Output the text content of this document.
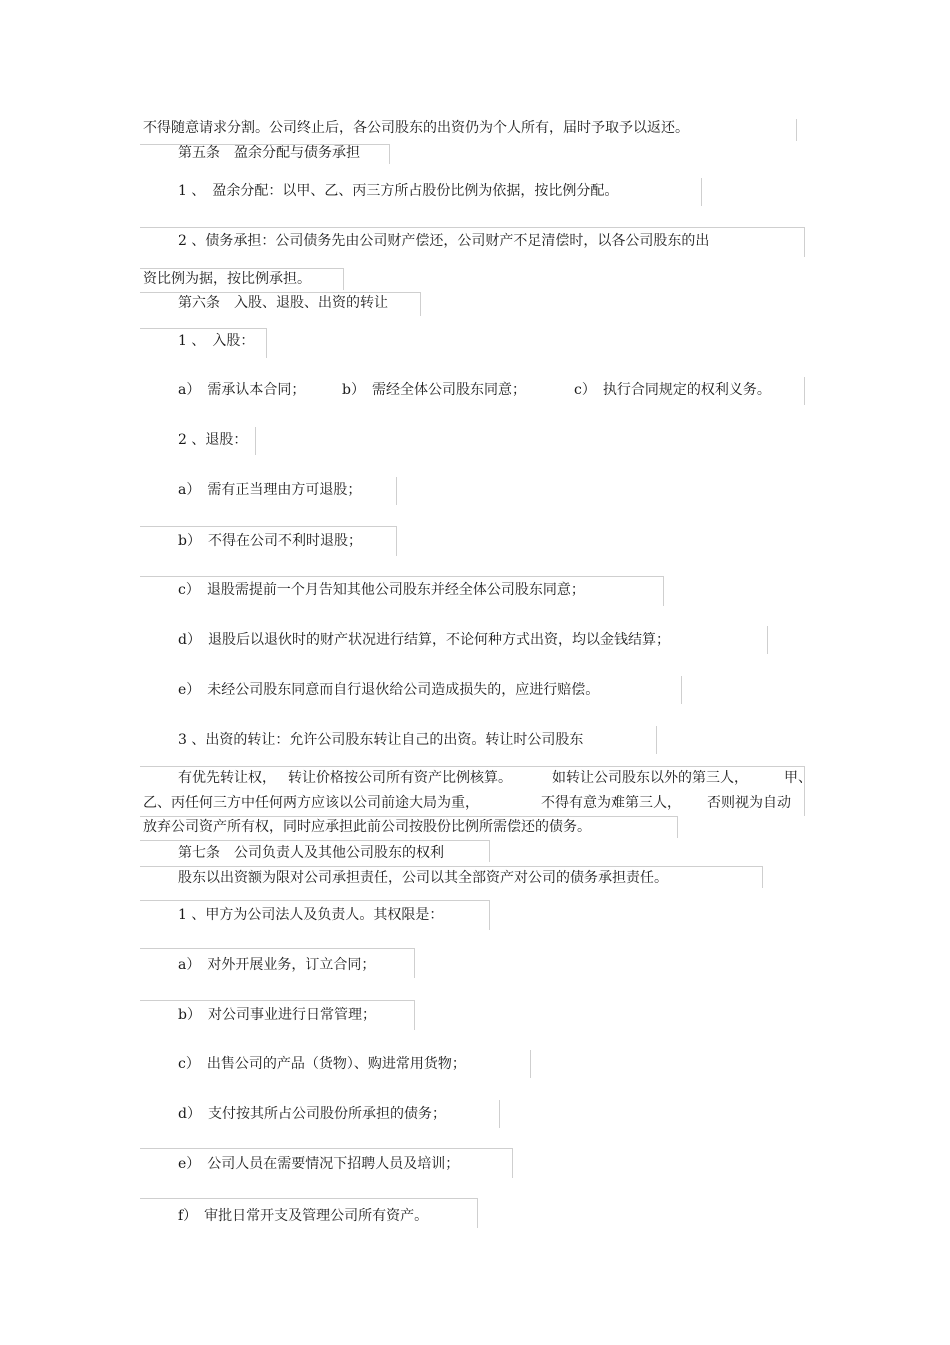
不得随意请求分割。公司终止后，各公司股东的出资仍为个人所有，届时予取予以返还。
第五条　盈余分配与债务承担
1 、　盈余分配：以甲、乙、丙三方所占股份比例为依据，按比例分配。
2 、债务承担：公司债务先由公司财产偿还，公司财产不足清偿时，以各公司股东的出
资比例为据，按比例承担。
第六条　入股、退股、出资的转让
1 、　入股：
a）　需承认本合同；	b）　需经全体公司股东同意；	c）　执行合同规定的权利义务。
2 、退股：
a）　需有正当理由方可退股；
b）　不得在公司不利时退股；
c）　退股需提前一个月告知其他公司股东并经全体公司股东同意；
d）　退股后以退伙时的财产状况进行结算，不论何种方式出资，均以金钱结算；
e）　未经公司股东同意而自行退伙给公司造成损失的，应进行赔偿。
3 、出资的转让：允许公司股东转让自己的出资。转让时公司股东
有优先转让权， 转让价格按公司所有资产比例核算。	如转让公司股东以外的第三人，	甲、
乙、丙任何三方中任何两方应该以公司前途大局为重，	不得有意为难第三人， 否则视为自动
放弃公司资产所有权，同时应承担此前公司按股份比例所需偿还的债务。
第七条　公司负责人及其他公司股东的权利
股东以出资额为限对公司承担责任，公司以其全部资产对公司的债务承担责任。
1 、甲方为公司法人及负责人。其权限是：
a）　对外开展业务，订立合同；
b）　对公司事业进行日常管理；
c）　出售公司的产品（货物）、购进常用货物；
d）　支付按其所占公司股份所承担的债务；
e）　公司人员在需要情况下招聘人员及培训；
f）　审批日常开支及管理公司所有资产。
